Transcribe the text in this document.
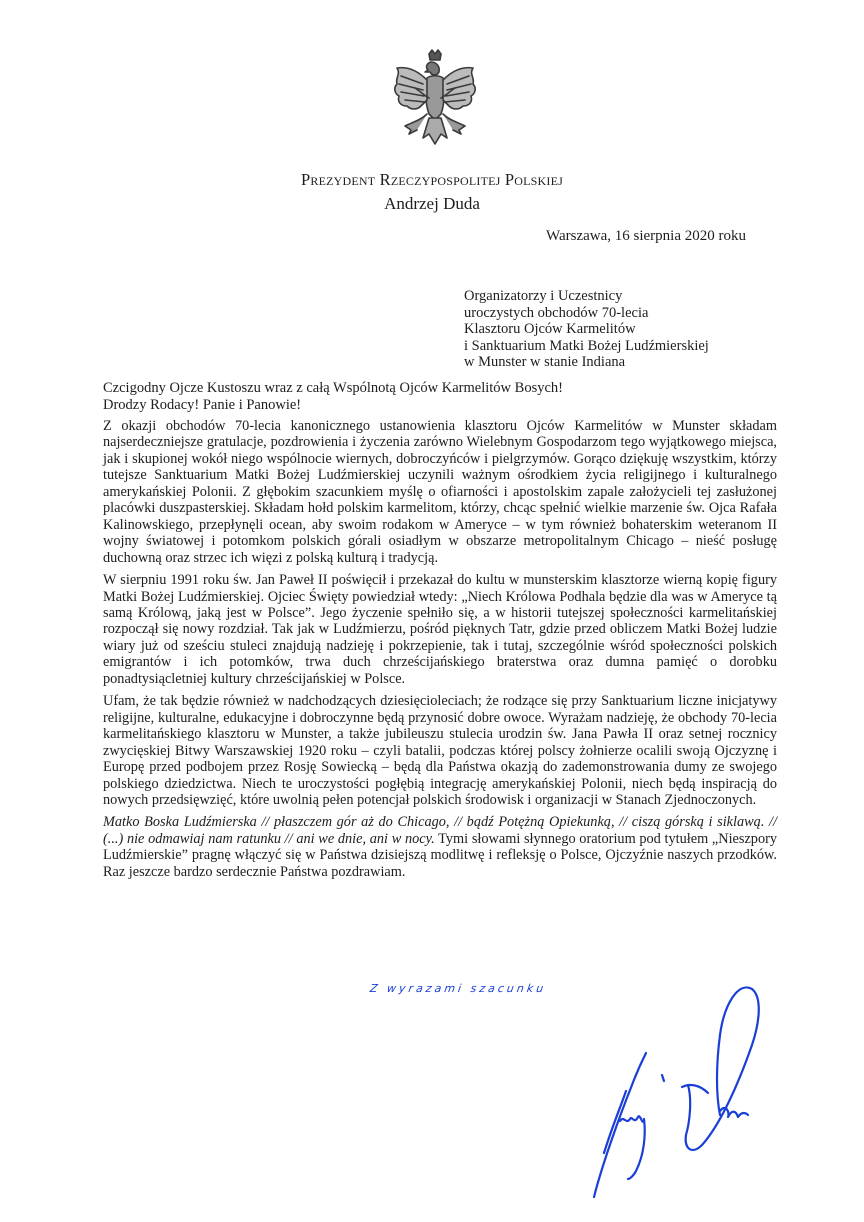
Prezydent Rzeczypospolitej Polskiej
Andrzej Duda
Warszawa, 16 sierpnia 2020 roku
Organizatorzy i Uczestnicy
uroczystych obchodów 70-lecia
Klasztoru Ojców Karmelitów
i Sanktuarium Matki Bożej Ludźmierskiej
w Munster w stanie Indiana
Czcigodny Ojcze Kustoszu wraz z całą Wspólnotą Ojców Karmelitów Bosych!
Drodzy Rodacy! Panie i Panowie!

Z okazji obchodów 70-lecia kanonicznego ustanowienia klasztoru Ojców Karmelitów w Munster składam najserdeczniejsze gratulacje, pozdrowienia i życzenia zarówno Wielebnym Gospodarzom tego wyjątkowego miejsca, jak i skupionej wokół niego wspólnocie wiernych, dobroczyńców i pielgrzymów. Gorąco dziękuję wszystkim, którzy tutejsze Sanktuarium Matki Bożej Ludźmierskiej uczynili ważnym ośrodkiem życia religijnego i kulturalnego amerykańskiej Polonii. Z głębokim szacunkiem myślę o ofiarności i apostolskim zapale założycieli tej zasłużonej placówki duszpasterskiej. Składam hołd polskim karmelitom, którzy, chcąc spełnić wielkie marzenie św. Ojca Rafała Kalinowskiego, przepłynęli ocean, aby swoim rodakom w Ameryce – w tym również bohaterskim weteranom II wojny światowej i potomkom polskich górali osiadłym w obszarze metropolitalnym Chicago – nieść posługę duchowną oraz strzec ich więzi z polską kulturą i tradycją.

W sierpniu 1991 roku św. Jan Paweł II poświęcił i przekazał do kultu w munsterskim klasztorze wierną kopię figury Matki Bożej Ludźmierskiej. Ojciec Święty powiedział wtedy: „Niech Królowa Podhala będzie dla was w Ameryce tą samą Królową, jaką jest w Polsce”. Jego życzenie spełniło się, a w historii tutejszej społeczności karmelitańskiej rozpoczął się nowy rozdział. Tak jak w Ludźmierzu, pośród pięknych Tatr, gdzie przed obliczem Matki Bożej ludzie wiary już od sześciu stuleci znajdują nadzieję i pokrzepienie, tak i tutaj, szczególnie wśród społeczności polskich emigrantów i ich potomków, trwa duch chrześcijańskiego braterstwa oraz dumna pamięć o dorobku ponadtysiącletniej kultury chrześcijańskiej w Polsce.

Ufam, że tak będzie również w nadchodzących dziesięcioleciach; że rodzące się przy Sanktuarium liczne inicjatywy religijne, kulturalne, edukacyjne i dobroczynne będą przynosić dobre owoce. Wyrażam nadzieję, że obchody 70-lecia karmelitańskiego klasztoru w Munster, a także jubileuszu stulecia urodzin św. Jana Pawła II oraz setnej rocznicy zwycięskiej Bitwy Warszawskiej 1920 roku – czyli batalii, podczas której polscy żołnierze ocalili swoją Ojczyznę i Europę przed podbojem przez Rosję Sowiecką – będą dla Państwa okazją do zademonstrowania dumy ze swojego polskiego dziedzictwa. Niech te uroczystości pogłębią integrację amerykańskiej Polonii, niech będą inspiracją do nowych przedsięwzięć, które uwolnią pełen potencjał polskich środowisk i organizacji w Stanach Zjednoczonych.

Matko Boska Ludźmierska // płaszczem gór aż do Chicago, // bądź Potężną Opiekunką, // ciszą górską i siklawą. // (...) nie odmawiaj nam ratunku // ani we dnie, ani w nocy. Tymi słowami słynnego oratorium pod tytułem „Nieszpory Ludźmierskie” pragnę włączyć się w Państwa dzisiejszą modlitwę i refleksję o Polsce, Ojczyźnie naszych przodków. Raz jeszcze bardzo serdecznie Państwa pozdrawiam.

Z wyrazami szacunku
